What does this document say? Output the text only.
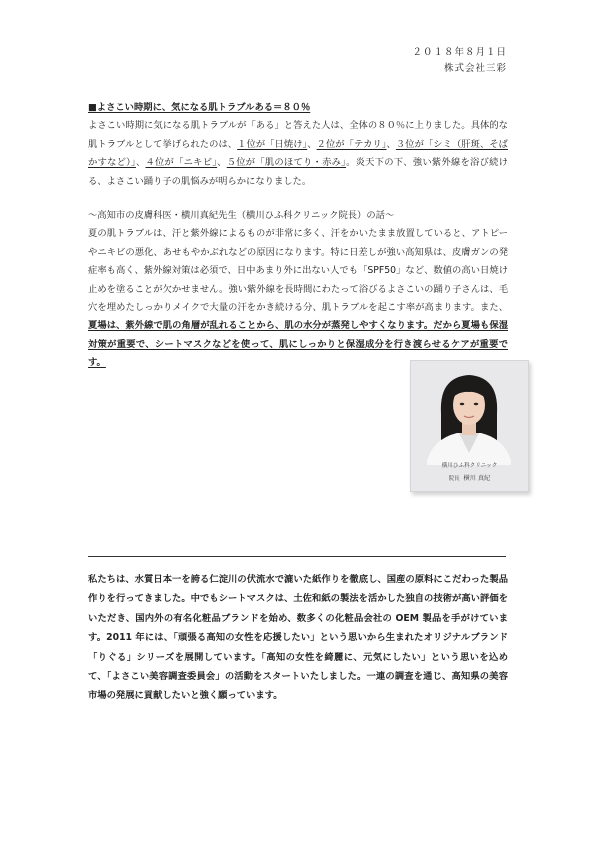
２０１８年８月１日
株式会社三彩
■よさこい時期に、気になる肌トラブルある＝８０％
よさこい時期に気になる肌トラブルが「ある」と答えた人は、全体の８０％に上りました。具体的な肌トラブルとして挙げられたのは、１位が「日焼け」、２位が「テカリ」、３位が「シミ（肝斑、そばかすなど）」、４位が「ニキビ」、５位が「肌のほてり・赤み」。炎天下の下、強い紫外線を浴び続ける、よさこい踊り子の肌悩みが明らかになりました。
～高知市の皮膚科医・横川真紀先生（横川ひふ科クリニック院長）の話～
夏の肌トラブルは、汗と紫外線によるものが非常に多く、汗をかいたまま放置していると、アトピーやニキビの悪化、あせもやかぶれなどの原因になります。特に日差しが強い高知県は、皮膚ガンの発症率も高く、紫外線対策は必須で、日中あまり外に出ない人でも「SPF50」など、数値の高い日焼け止めを塗ることが欠かせません。強い紫外線を長時間にわたって浴びるよさこいの踊り子さんは、毛穴を埋めたしっかりメイクで大量の汗をかき続ける分、肌トラブルを起こす率が高まります。また、夏場は、紫外線で肌の角層が乱れることから、肌の水分が蒸発しやすくなります。だから夏場も保湿対策が重要で、シートマスクなどを使って、肌にしっかりと保湿成分を行き渡らせるケアが重要です。
横川ひふ科クリニック
院長 横川 真紀
私たちは、水質日本一を誇る仁淀川の伏流水で漉いた紙作りを徹底し、国産の原料にこだわった製品作りを行ってきました。中でもシートマスクは、土佐和紙の製法を活かした独自の技術が高い評価をいただき、国内外の有名化粧品ブランドを始め、数多くの化粧品会社の OEM 製品を手がけています。2011 年には、「頑張る高知の女性を応援したい」という思いから生まれたオリジナルブランド「りぐる」シリーズを展開しています。「高知の女性を綺麗に、元気にしたい」という思いを込めて、「よさこい美容調査委員会」の活動をスタートいたしました。一連の調査を通じ、高知県の美容市場の発展に貢献したいと強く願っています。
